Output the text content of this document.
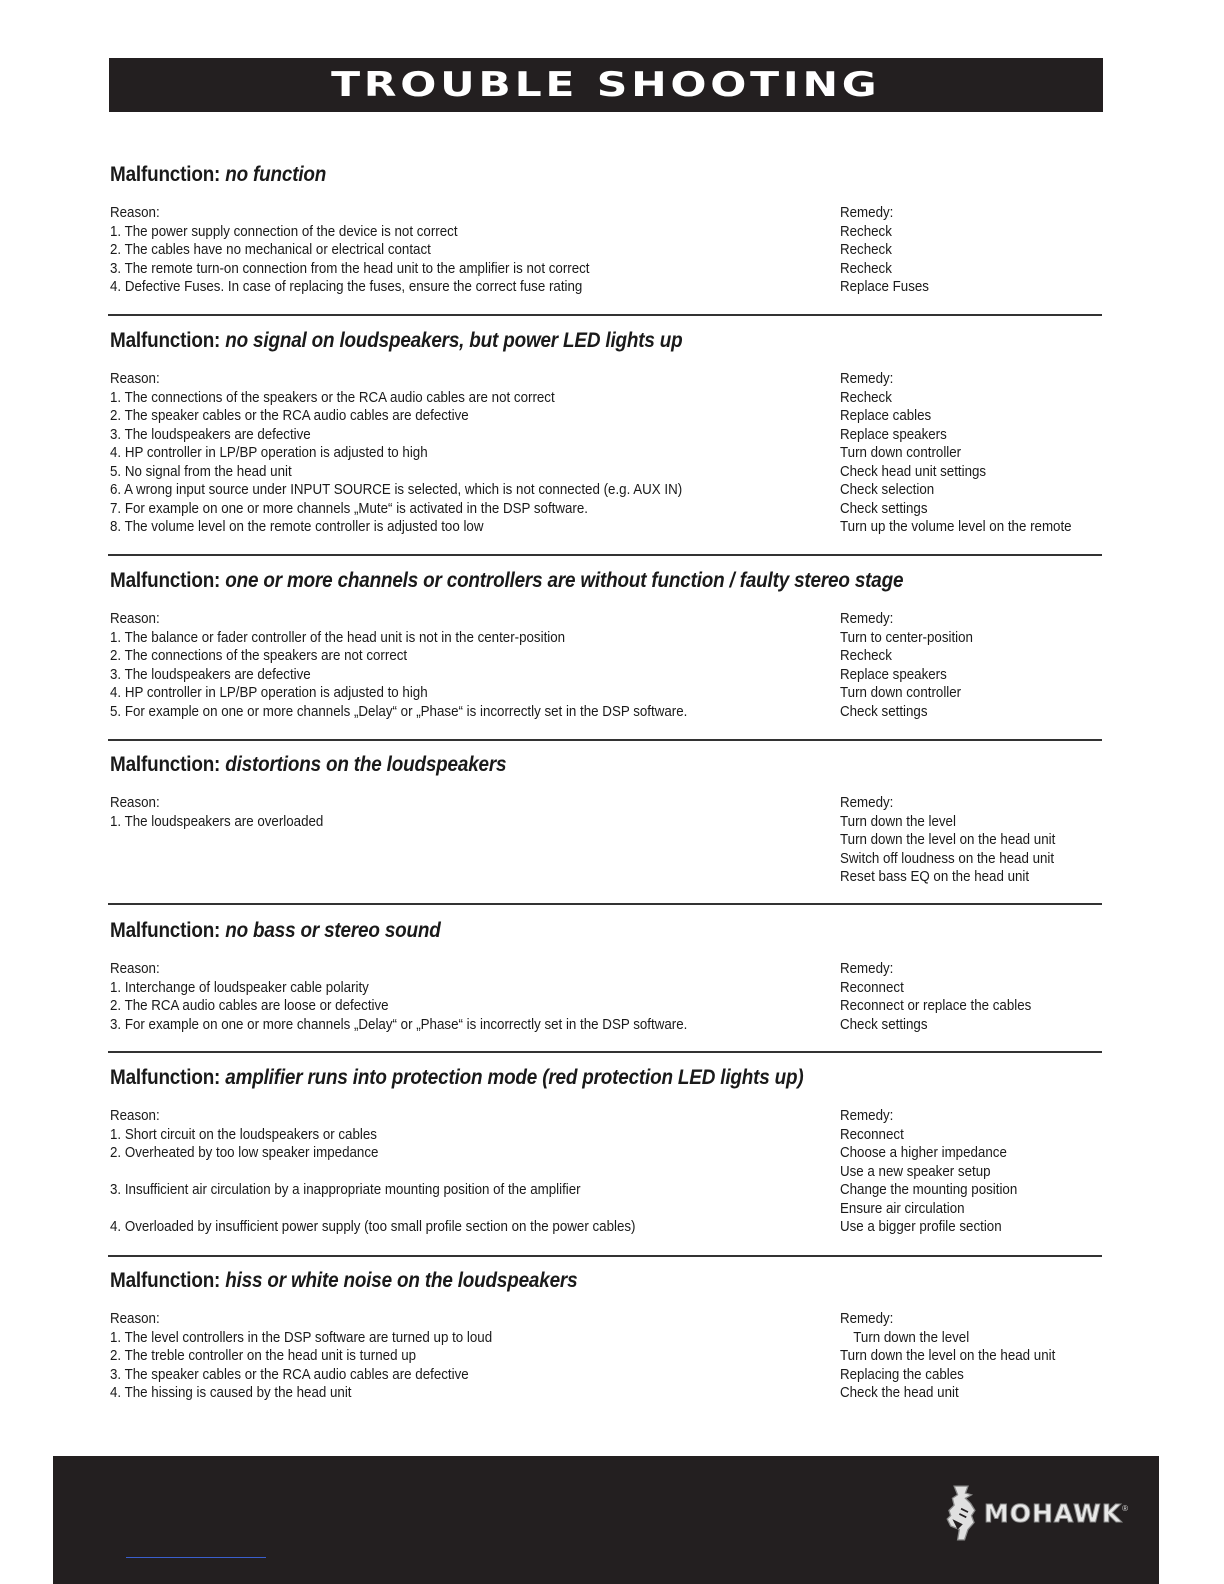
TROUBLE SHOOTING
Malfunction: no function
Reason:	Remedy:
1. The power supply connection of the device is not correct	Recheck
2. The cables have no mechanical or electrical contact	Recheck
3. The remote turn-on connection from the head unit to the amplifier is not correct	Recheck
4. Defective Fuses. In case of replacing the fuses, ensure the correct fuse rating	Replace Fuses
Malfunction: no signal on loudspeakers, but power LED lights up
Reason:	Remedy:
1. The connections of the speakers or the RCA audio cables are not correct	Recheck
2. The speaker cables or the RCA audio cables are defective	Replace cables
3. The loudspeakers are defective	Replace speakers
4. HP controller in LP/BP operation is adjusted to high	Turn down controller
5. No signal from the head unit	Check head unit settings
6. A wrong input source under INPUT SOURCE is selected, which is not connected (e.g. AUX IN)	Check selection
7. For example on one or more channels „Mute“ is activated in the DSP software.	Check settings
8. The volume level on the remote controller is adjusted too low	Turn up the volume level on the remote
Malfunction: one or more channels or controllers are without function / faulty stereo stage
Reason:	Remedy:
1. The balance or fader controller of the head unit is not in the center-position	Turn to center-position
2. The connections of the speakers are not correct	Recheck
3. The loudspeakers are defective	Replace speakers
4. HP controller in LP/BP operation is adjusted to high	Turn down controller
5. For example on one or more channels „Delay“ or „Phase“ is incorrectly set in the DSP software.	Check settings
Malfunction: distortions on the loudspeakers
Reason:	Remedy:
1. The loudspeakers are overloaded	Turn down the level
Turn down the level on the head unit
Switch off loudness on the head unit
Reset bass EQ on the head unit
Malfunction: no bass or stereo sound
Reason:	Remedy:
1. Interchange of loudspeaker cable polarity	Reconnect
2. The RCA audio cables are loose or defective	Reconnect or replace the cables
3. For example on one or more channels „Delay“ or „Phase“ is incorrectly set in the DSP software.	Check settings
Malfunction: amplifier runs into protection mode (red protection LED lights up)
Reason:	Remedy:
1. Short circuit on the loudspeakers or cables	Reconnect
2. Overheated by too low speaker impedance	Choose a higher impedance
Use a new speaker setup
3. Insufficient air circulation by a inappropriate mounting position of the amplifier	Change the mounting position
Ensure air circulation
4. Overloaded by insufficient power supply (too small profile section on the power cables)	Use a bigger profile section
Malfunction: hiss or white noise on the loudspeakers
Reason:	Remedy:
1. The level controllers in the DSP software are turned up to loud	Turn down the level
2. The treble controller on the head unit is turned up	Turn down the level on the head unit
3. The speaker cables or the RCA audio cables are defective	Replacing the cables
4. The hissing is caused by the head unit	Check the head unit
MOHAWK ®
